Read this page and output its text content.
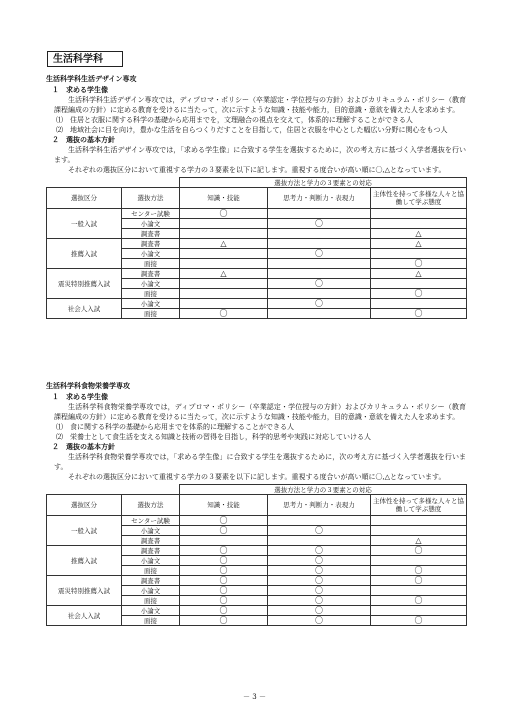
生活科学科
生活科学科生活デザイン専攻
１　求める学生像
生活科学科生活デザイン専攻では，ディプロマ・ポリシー（卒業認定・学位授与の方針）およびカリキュラム・ポリシー（教育課程編成の方針）に定める教育を受けるに当たって，次に示すような知識・技能や能力，目的意識・意欲を備えた人を求めます。
⑴　住居と衣服に関する科学の基礎から応用までを，文理融合の視点を交えて，体系的に理解することができる人
⑵　地域社会に目を向け，豊かな生活を自らつくりだすことを目指して，住居と衣服を中心とした幅広い分野に関心をもつ人
２　選抜の基本方針
生活科学科生活デザイン専攻では，「求める学生像」に合致する学生を選抜するために，次の考え方に基づく入学者選抜を行います。
それぞれの選抜区分において重視する学力の３要素を以下に記します。重視する度合いが高い順に〇,△となっています。
		選抜方法と学力の３要素との対応		
選抜区分	選抜方法	知識・技能	思考力・判断力・表現力	主体性を持って多様な人々と協働して学ぶ態度
一般入試	センター試験	〇		
	小論文		〇	
	調査書			△
推薦入試	調査書	△		△
	小論文		〇	
	面接			〇
震災特別推薦入試	調査書	△		△
	小論文		〇	
	面接			〇
社会人入試	小論文		〇	
	面接	〇		〇
生活科学科食物栄養学専攻
１　求める学生像
生活科学科食物栄養学専攻では，ディプロマ・ポリシー（卒業認定・学位授与の方針）およびカリキュラム・ポリシー（教育課程編成の方針）に定める教育を受けるに当たって，次に示すような知識・技能や能力，目的意識・意欲を備えた人を求めます。
⑴　食に関する科学の基礎から応用までを体系的に理解することができる人
⑵　栄養士として食生活を支える知識と技術の習得を目指し，科学的思考や実践に対応していける人
２　選抜の基本方針
生活科学科食物栄養学専攻では，「求める学生像」に合致する学生を選抜するために，次の考え方に基づく入学者選抜を行います。
それぞれの選抜区分において重視する学力の３要素を以下に記します。重視する度合いが高い順に〇,△となっています。
		選抜方法と学力の３要素との対応		
選抜区分	選抜方法	知識・技能	思考力・判断力・表現力	主体性を持って多様な人々と協働して学ぶ態度
一般入試	センター試験	〇		
	小論文	〇	〇	
	調査書			△
推薦入試	調査書	〇	〇	〇
	小論文	〇	〇	
	面接	〇	〇	〇
震災特別推薦入試	調査書	〇	〇	〇
	小論文	〇	〇	
	面接	〇	〇	〇
社会人入試	小論文	〇	〇	
	面接	〇	〇	〇
－ 3 －
